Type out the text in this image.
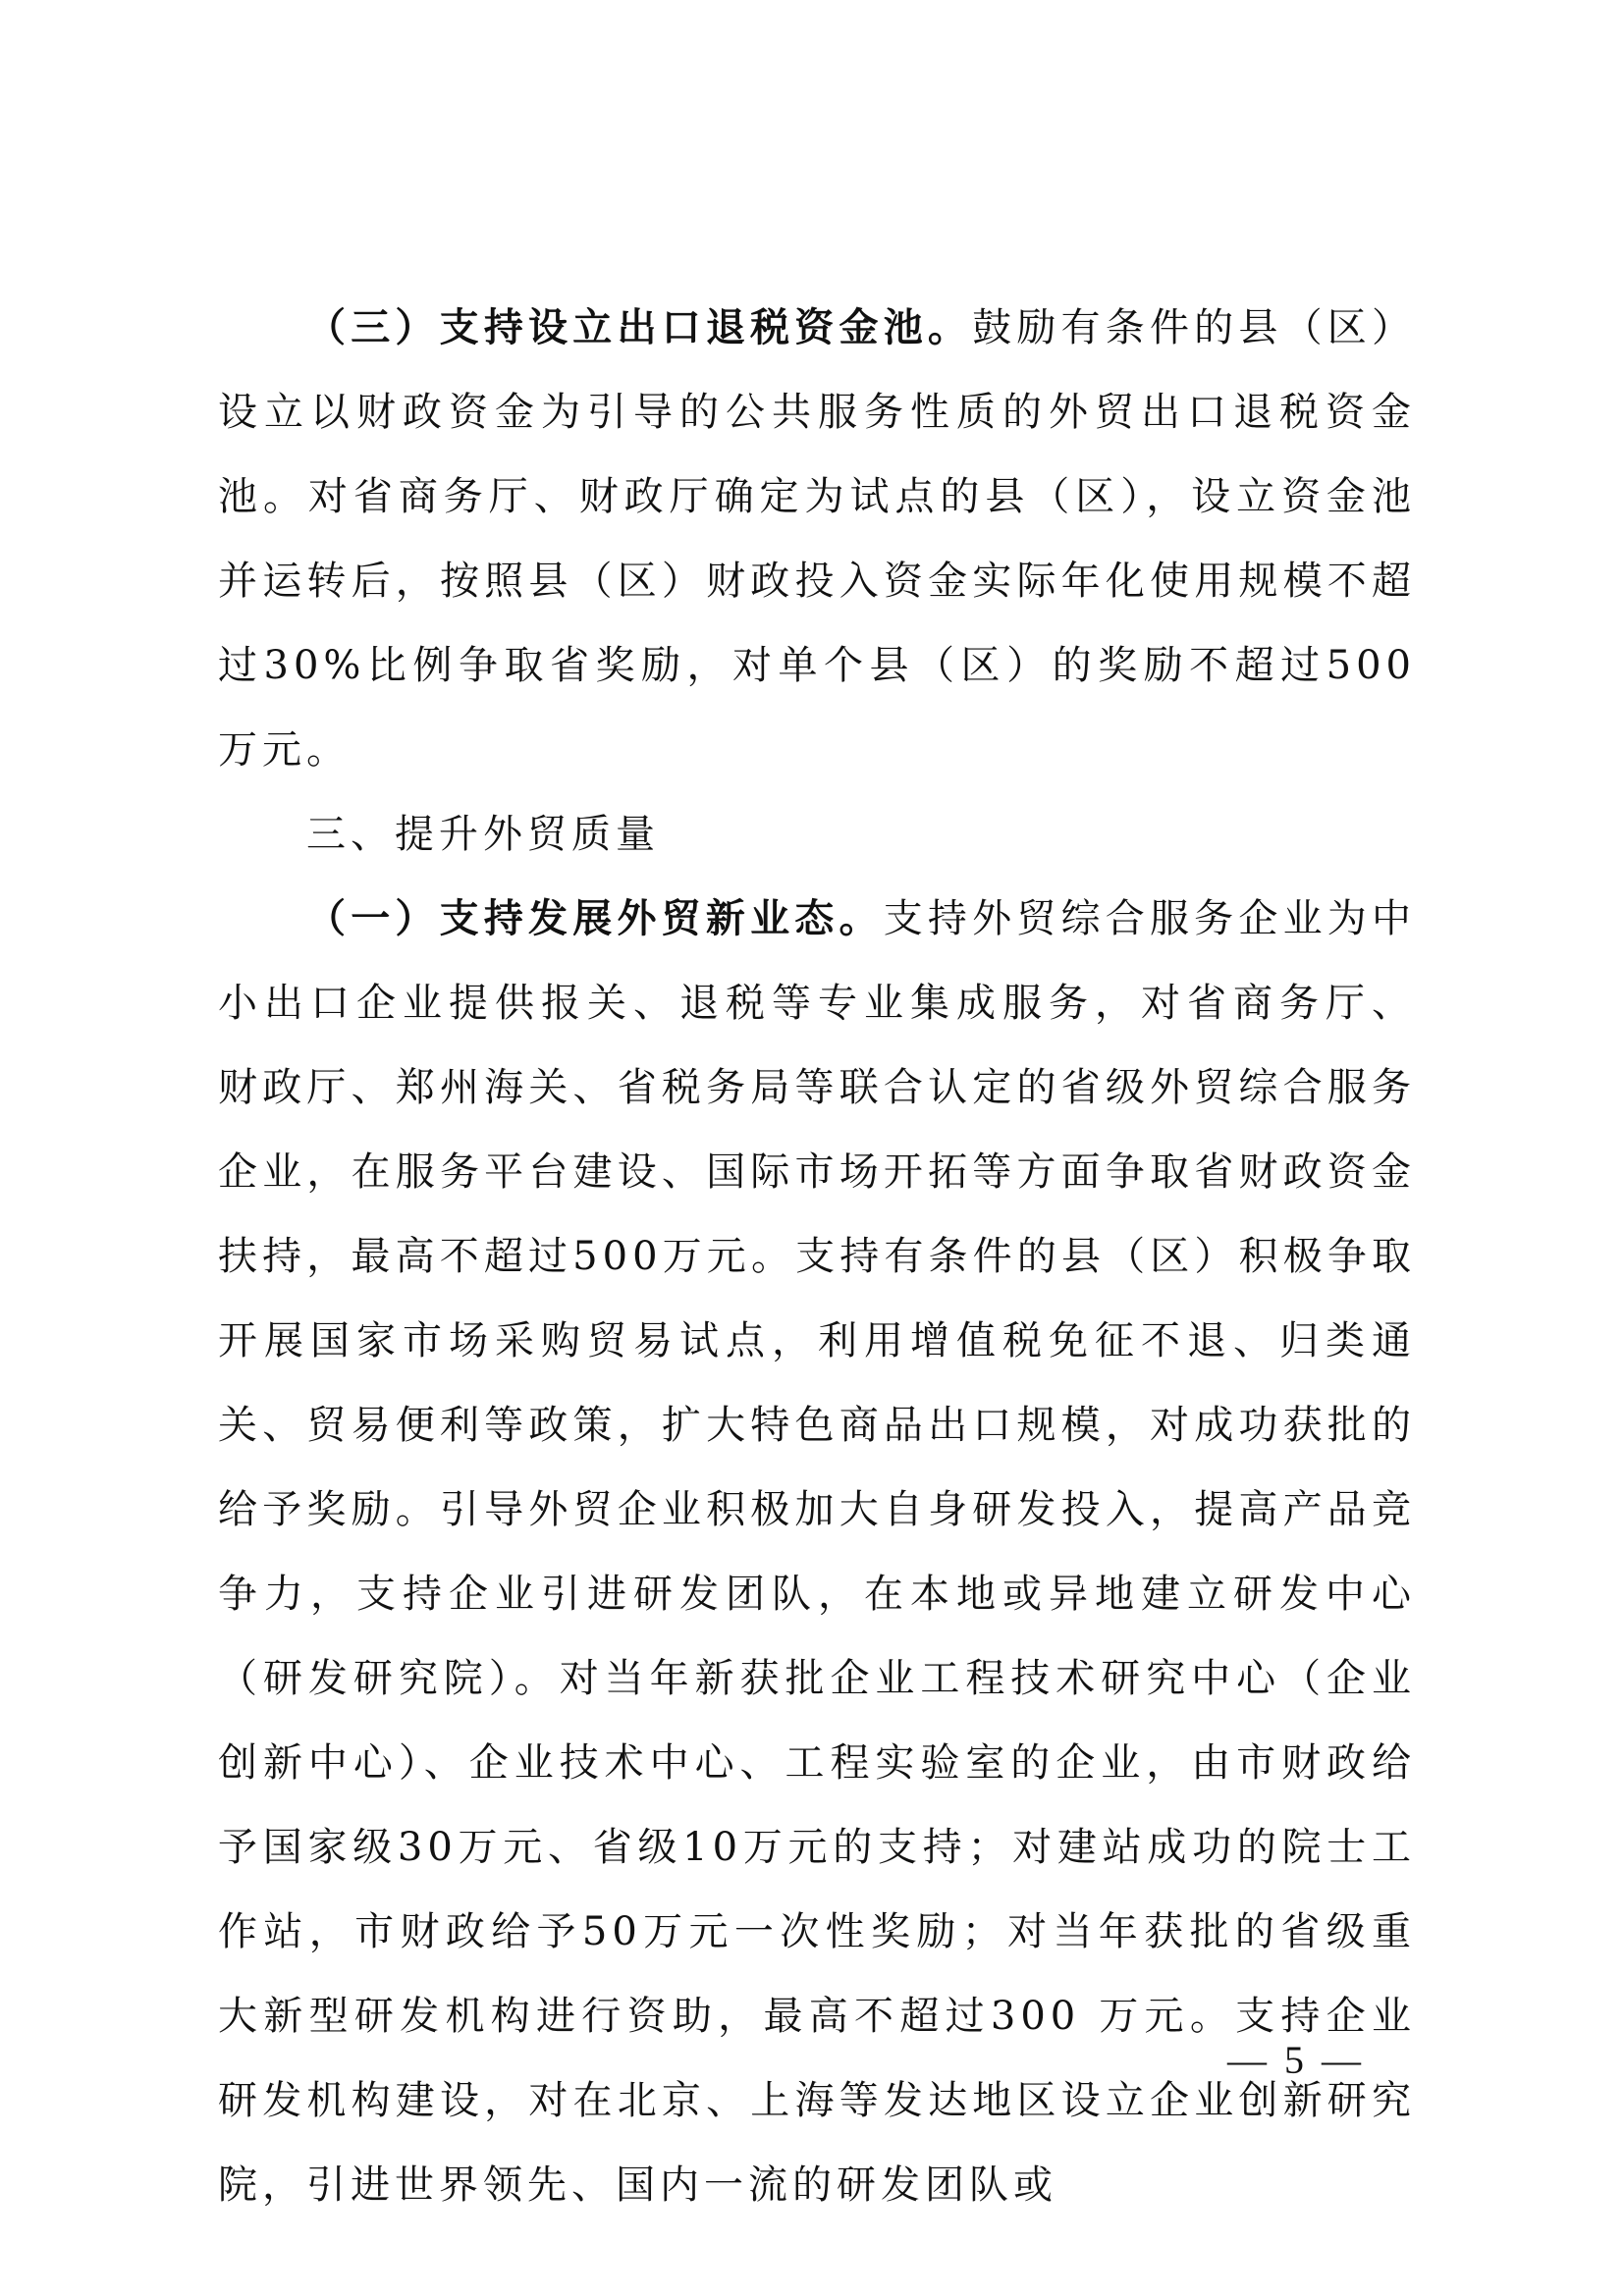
（三）支持设立出口退税资金池。鼓励有条件的县（区）设立以财政资金为引导的公共服务性质的外贸出口退税资金池。对省商务厅、财政厅确定为试点的县（区），设立资金池并运转后，按照县（区）财政投入资金实际年化使用规模不超过30%比例争取省奖励，对单个县（区）的奖励不超过500万元。

三、提升外贸质量

（一）支持发展外贸新业态。支持外贸综合服务企业为中小出口企业提供报关、退税等专业集成服务，对省商务厅、 财政厅、郑州海关、省税务局等联合认定的省级外贸综合服务企业，在服务平台建设、国际市场开拓等方面争取省财政资金扶持，最高不超过500万元。支持有条件的县（区）积极争取开展国家市场采购贸易试点，利用增值税免征不退、归类通关、贸易便利等政策，扩大特色商品出口规模，对成功获批的给予奖励。引导外贸企业积极加大自身研发投入，提高产品竞争力，支持企业引进研发团队，在本地或异地建立研发中心（研发研究院）。对当年新获批企业工程技术研究中心（企业创新中心）、企业技术中心、工程实验室的企业，由市财政给予国家级30万元、省级10万元的支持；对建站成功的院士工作站，市财政给予50万元一次性奖励；对当年获批的省级重大新型研发机构进行资助，最高不超过300 万元。支持企业研发机构建设，对在北京、上海等发达地区设立企业创新研究院，引进世界领先、国内一流的研发团队或

— 5 —
